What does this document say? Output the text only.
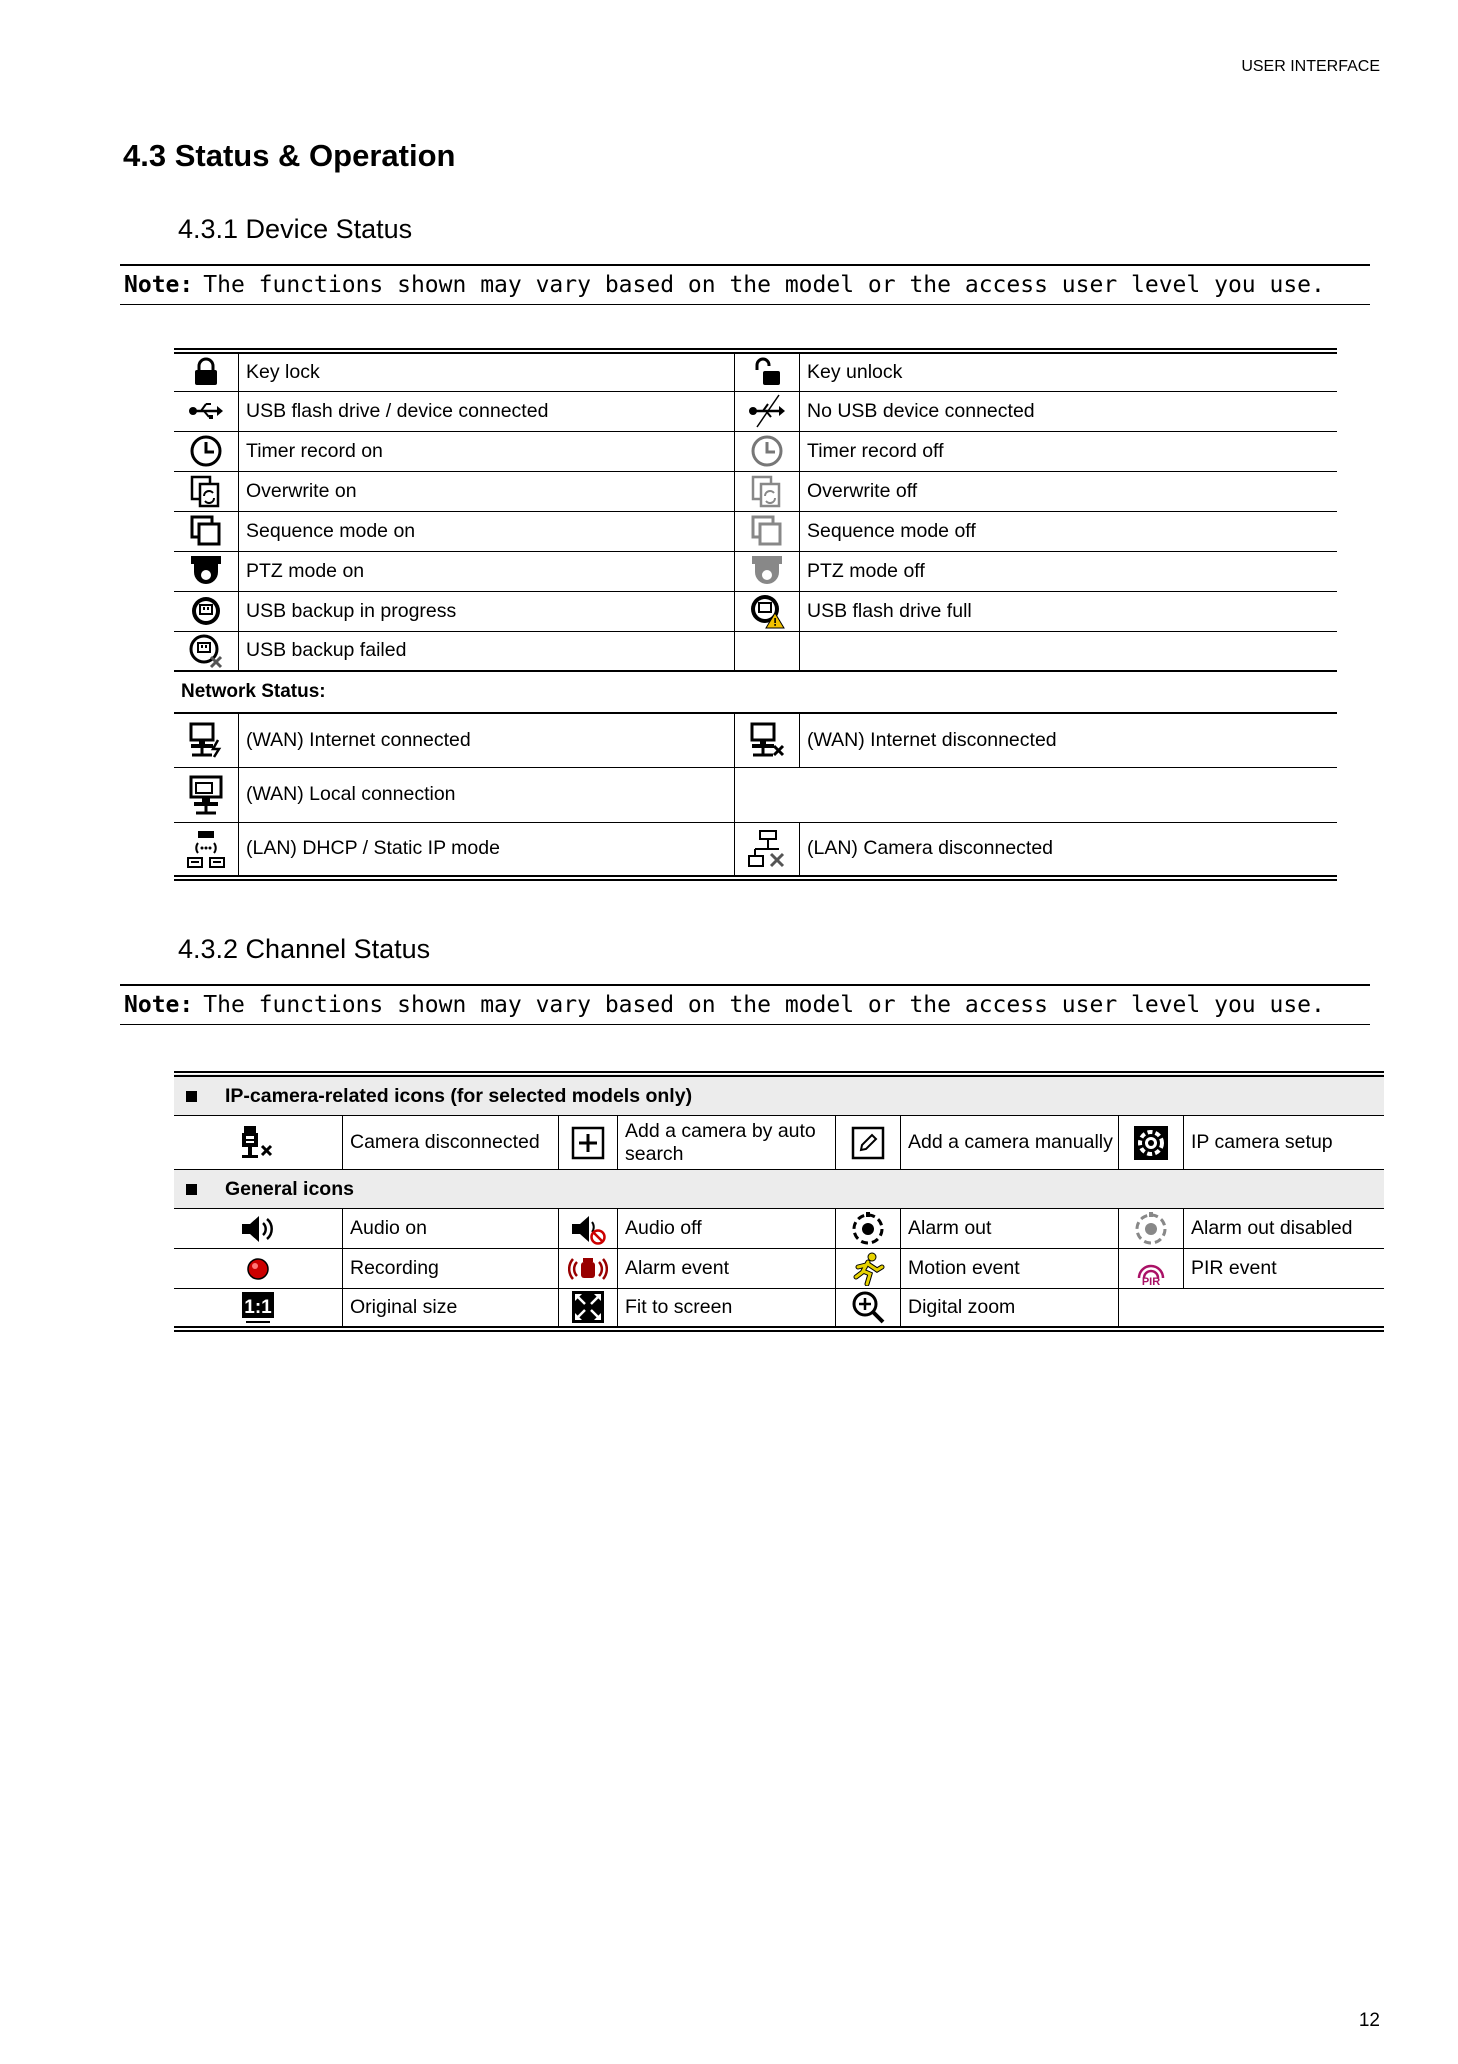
USER INTERFACE
4.3 Status & Operation
4.3.1 Device Status
Note: The functions shown may vary based on the model or the access user level you use.
	Key lock		Key unlock

	USB flash drive / device connected		No USB device connected

	Timer record on		Timer record off

	Overwrite on		Overwrite off

	Sequence mode on		Sequence mode off

	PTZ mode on		PTZ mode off

	USB backup in progress		USB flash drive full

	USB backup failed		
Network Status:			

	(WAN) Internet connected		(WAN) Internet disconnected

	(WAN) Local connection		

	(LAN) DHCP / Static IP mode		(LAN) Camera disconnected
4.3.2 Channel Status
Note: The functions shown may vary based on the model or the access user level you use.
IP-camera-related icons (for selected models only)							

	Camera disconnected		Add a camera by auto search		Add a camera manually		IP camera setup
General icons							

	Audio on		Audio off		Alarm out		Alarm out disabled

	Recording		Alarm event		Motion event	PIR	PIR event

1:1	Original size		Fit to screen		Digital zoom		
12
